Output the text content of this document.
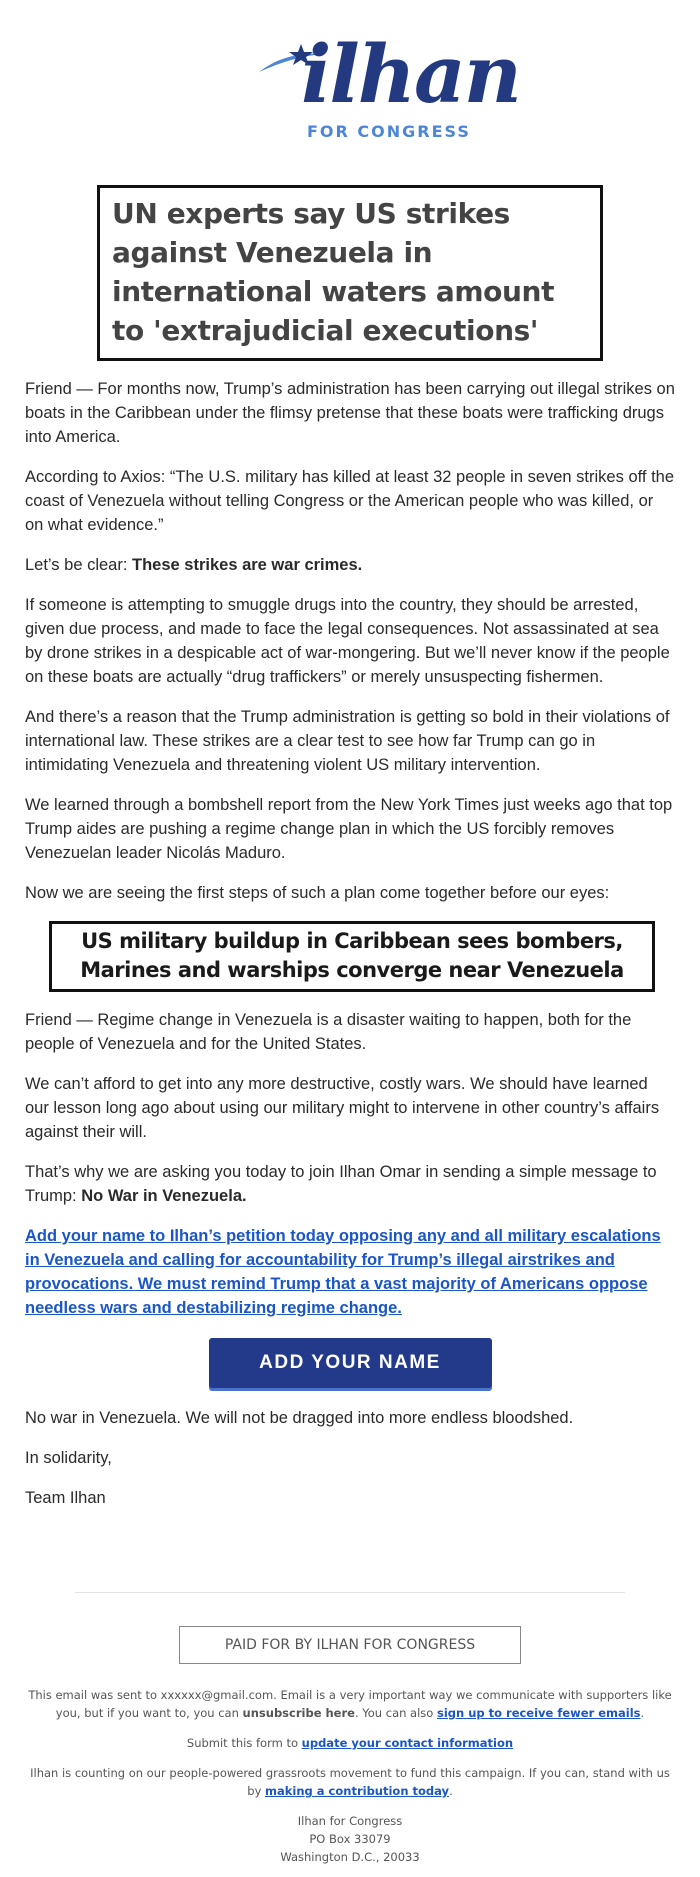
ilhan
FOR CONGRESS
UN experts say US strikes against Venezuela in international waters amount to 'extrajudicial executions'

Friend — For months now, Trump’s administration has been carrying out illegal strikes on boats in the Caribbean under the flimsy pretense that these boats were trafficking drugs into America.

According to Axios: “The U.S. military has killed at least 32 people in seven strikes off the coast of Venezuela without telling Congress or the American people who was killed, or on what evidence.”

Let’s be clear: These strikes are war crimes.

If someone is attempting to smuggle drugs into the country, they should be arrested, given due process, and made to face the legal consequences. Not assassinated at sea by drone strikes in a despicable act of war-mongering. But we’ll never know if the people on these boats are actually “drug traffickers” or merely unsuspecting fishermen.

And there’s a reason that the Trump administration is getting so bold in their violations of international law. These strikes are a clear test to see how far Trump can go in intimidating Venezuela and threatening violent US military intervention.

We learned through a bombshell report from the New York Times just weeks ago that top Trump aides are pushing a regime change plan in which the US forcibly removes Venezuelan leader Nicolás Maduro.

Now we are seeing the first steps of such a plan come together before our eyes:

US military buildup in Caribbean sees bombers, Marines and warships converge near Venezuela

Friend — Regime change in Venezuela is a disaster waiting to happen, both for the people of Venezuela and for the United States.

We can’t afford to get into any more destructive, costly wars. We should have learned our lesson long ago about using our military might to intervene in other country’s affairs against their will.

That’s why we are asking you today to join Ilhan Omar in sending a simple message to Trump: No War in Venezuela.

Add your name to Ilhan’s petition today opposing any and all military escalations in Venezuela and calling for accountability for Trump’s illegal airstrikes and provocations. We must remind Trump that a vast majority of Americans oppose needless wars and destabilizing regime change.
ADD YOUR NAME

No war in Venezuela. We will not be dragged into more endless bloodshed.

In solidarity,

Team Ilhan

PAID FOR BY ILHAN FOR CONGRESS

This email was sent to xxxxxx@gmail.com. Email is a very important way we communicate with supporters like you, but if you want to, you can unsubscribe here. You can also sign up to receive fewer emails.

Submit this form to update your contact information

Ilhan is counting on our people-powered grassroots movement to fund this campaign. If you can, stand with us by making a contribution today.

Ilhan for Congress
PO Box 33079
Washington D.C., 20033
